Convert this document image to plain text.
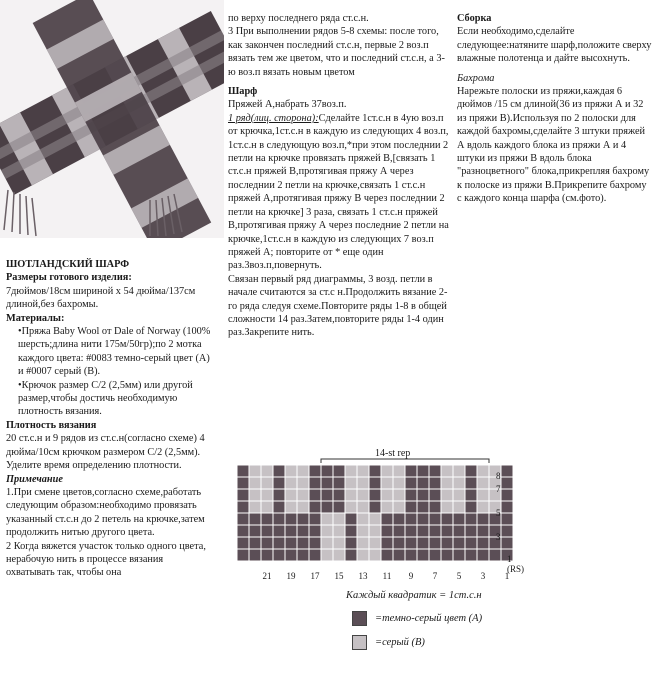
ШОТЛАНДСКИЙ ШАРФ

Размеры готового изделия:

7дюймов/18см шириной х 54 дюйма/137см длиной,без бахромы.

Материалы:

•Пряжа Baby Wool от Dale of Norway (100% шерсть;длина нити 175м/50гр);по 2 мотка каждого цвета: #0083 темно-серый цвет (А) и #0007 серый (В).

•Крючок размер С/2 (2,5мм) или другой размер,чтобы достичь необходимую плотность вязания.

Плотность вязания

20 ст.с.н и 9 рядов из ст.с.н(согласно схеме) 4 дюйма/10см крючком размером С/2 (2,5мм).

Уделите время определению плотности.

Примечание

1.При смене цветов,согласно схеме,работать следующим образом:необходимо провязать указанный ст.с.н до 2 петель на крючке,затем продолжить нитью другого цвета.

2 Когда вяжется участок только одного цвета, нерабочую нить в процессе вязания охватывать так, чтобы она

по верху последнего ряда ст.с.н.

3 При выполнении рядов 5-8 схемы: после того, как закончен последний ст.с.н, первые 2 воз.п вязать тем же цветом, что и последний ст.с.н, а 3-ю воз.п вязать новым цветом

Шарф

Пряжей А,набрать 37воз.п.

1 ряд(лиц. сторона):Сделайте 1ст.с.н в 4ую воз.п от крючка,1ст.с.н в каждую из следующих 4 воз.п, 1ст.с.н в следующую воз.п,*при этом последнии 2 петли на крючке провязать пряжей В,[связать 1 ст.с.н пряжей В,протягивая пряжу А через последнии 2 петли на крючке,связать 1 ст.с.н пряжей А,протягивая пряжу В через последнии 2 петли на крючке] 3 раза, связать 1 ст.с.н пряжей В,протягивая пряжу А через последние 2 петли на крючке,1ст.с.н в каждую из следующих 7 воз.п пряжей А; повторите от * еще один раз.3воз.п,повернуть.

Связан первый ряд диаграммы, 3 возд. петли в начале считаются за ст.с н.Продолжить вязание 2-го ряда следуя схеме.Повторите ряды 1-8 в общей сложности 14 раз.Затем,повторите ряды 1-4 один раз.Закрепите нить.

Сборка

Если необходимо,сделайте следующее:натяните шарф,положите сверху влажные полотенца и дайте высохнуть.

Бахрома

Нарежьте полоски из пряжи,каждая 6 дюймов /15 см длиной(36 из пряжи А и 32 из пряжи В).Используя по 2 полоски для каждой бахромы,сделайте 3 штуки пряжей А вдоль каждого блока из пряжи А и 4 штуки из пряжи В вдоль блока "разноцветного" блока,прикрепляя бахрому к полоске из пряжи В.Прикрепите бахрому с каждого конца шарфа (см.фото).

14-st rep
8
7
5
3
1 (RS)
21 19 17 15 13 11	9	7	5	3	1
Каждый квадратик = 1ст.с.н
=темно-серый цвет (А)
=серый (В)
